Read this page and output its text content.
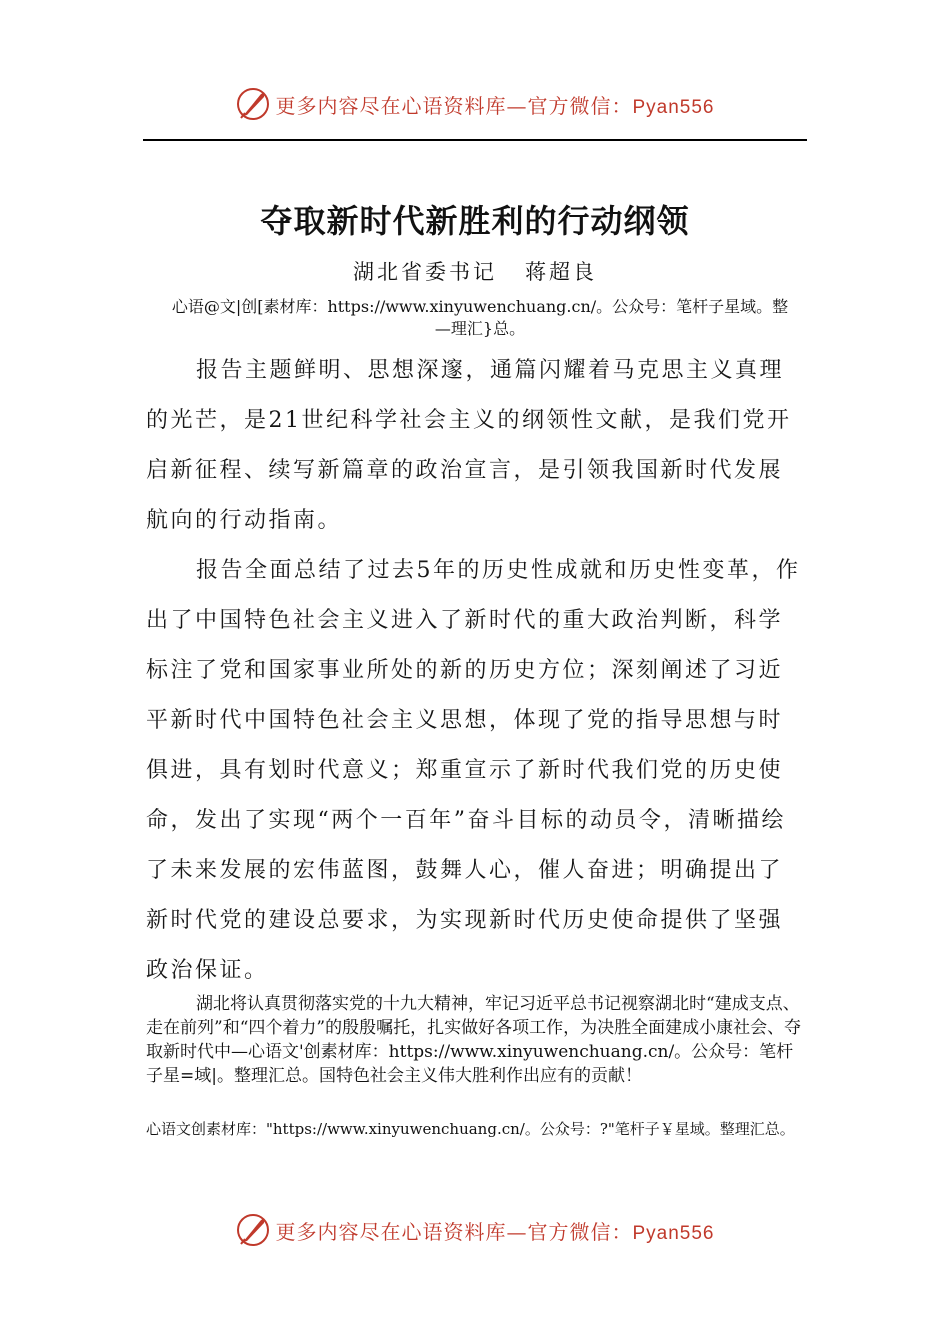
更多内容尽在心语资料库—官方微信：Pyan556
夺取新时代新胜利的行动纲领
湖北省委书记 蒋超良
心语@文|创[素材库：https://www.xinyuwenchuang.cn/。公众号：笔杆子星域。整—理汇}总。

报告主题鲜明、思想深邃，通篇闪耀着马克思主义真理的光芒，是21世纪科学社会主义的纲领性文献，是我们党开启新征程、续写新篇章的政治宣言，是引领我国新时代发展航向的行动指南。

报告全面总结了过去5年的历史性成就和历史性变革，作出了中国特色社会主义进入了新时代的重大政治判断，科学标注了党和国家事业所处的新的历史方位；深刻阐述了习近平新时代中国特色社会主义思想，体现了党的指导思想与时俱进，具有划时代意义；郑重宣示了新时代我们党的历史使命，发出了实现“两个一百年”奋斗目标的动员令，清晰描绘了未来发展的宏伟蓝图，鼓舞人心，催人奋进；明确提出了新时代党的建设总要求，为实现新时代历史使命提供了坚强政治保证。

湖北将认真贯彻落实党的十九大精神，牢记习近平总书记视察湖北时“建成支点、走在前列”和“四个着力”的殷殷嘱托，扎实做好各项工作，为决胜全面建成小康社会、夺取新时代中—心语文'创素材库：https://www.xinyuwenchuang.cn/。公众号：笔杆子星=域|。整理汇总。国特色社会主义伟大胜利作出应有的贡献！

心语文创素材库："https://www.xinyuwenchuang.cn/。公众号：?"笔杆子￥星域。整理汇总。
更多内容尽在心语资料库—官方微信：Pyan556
